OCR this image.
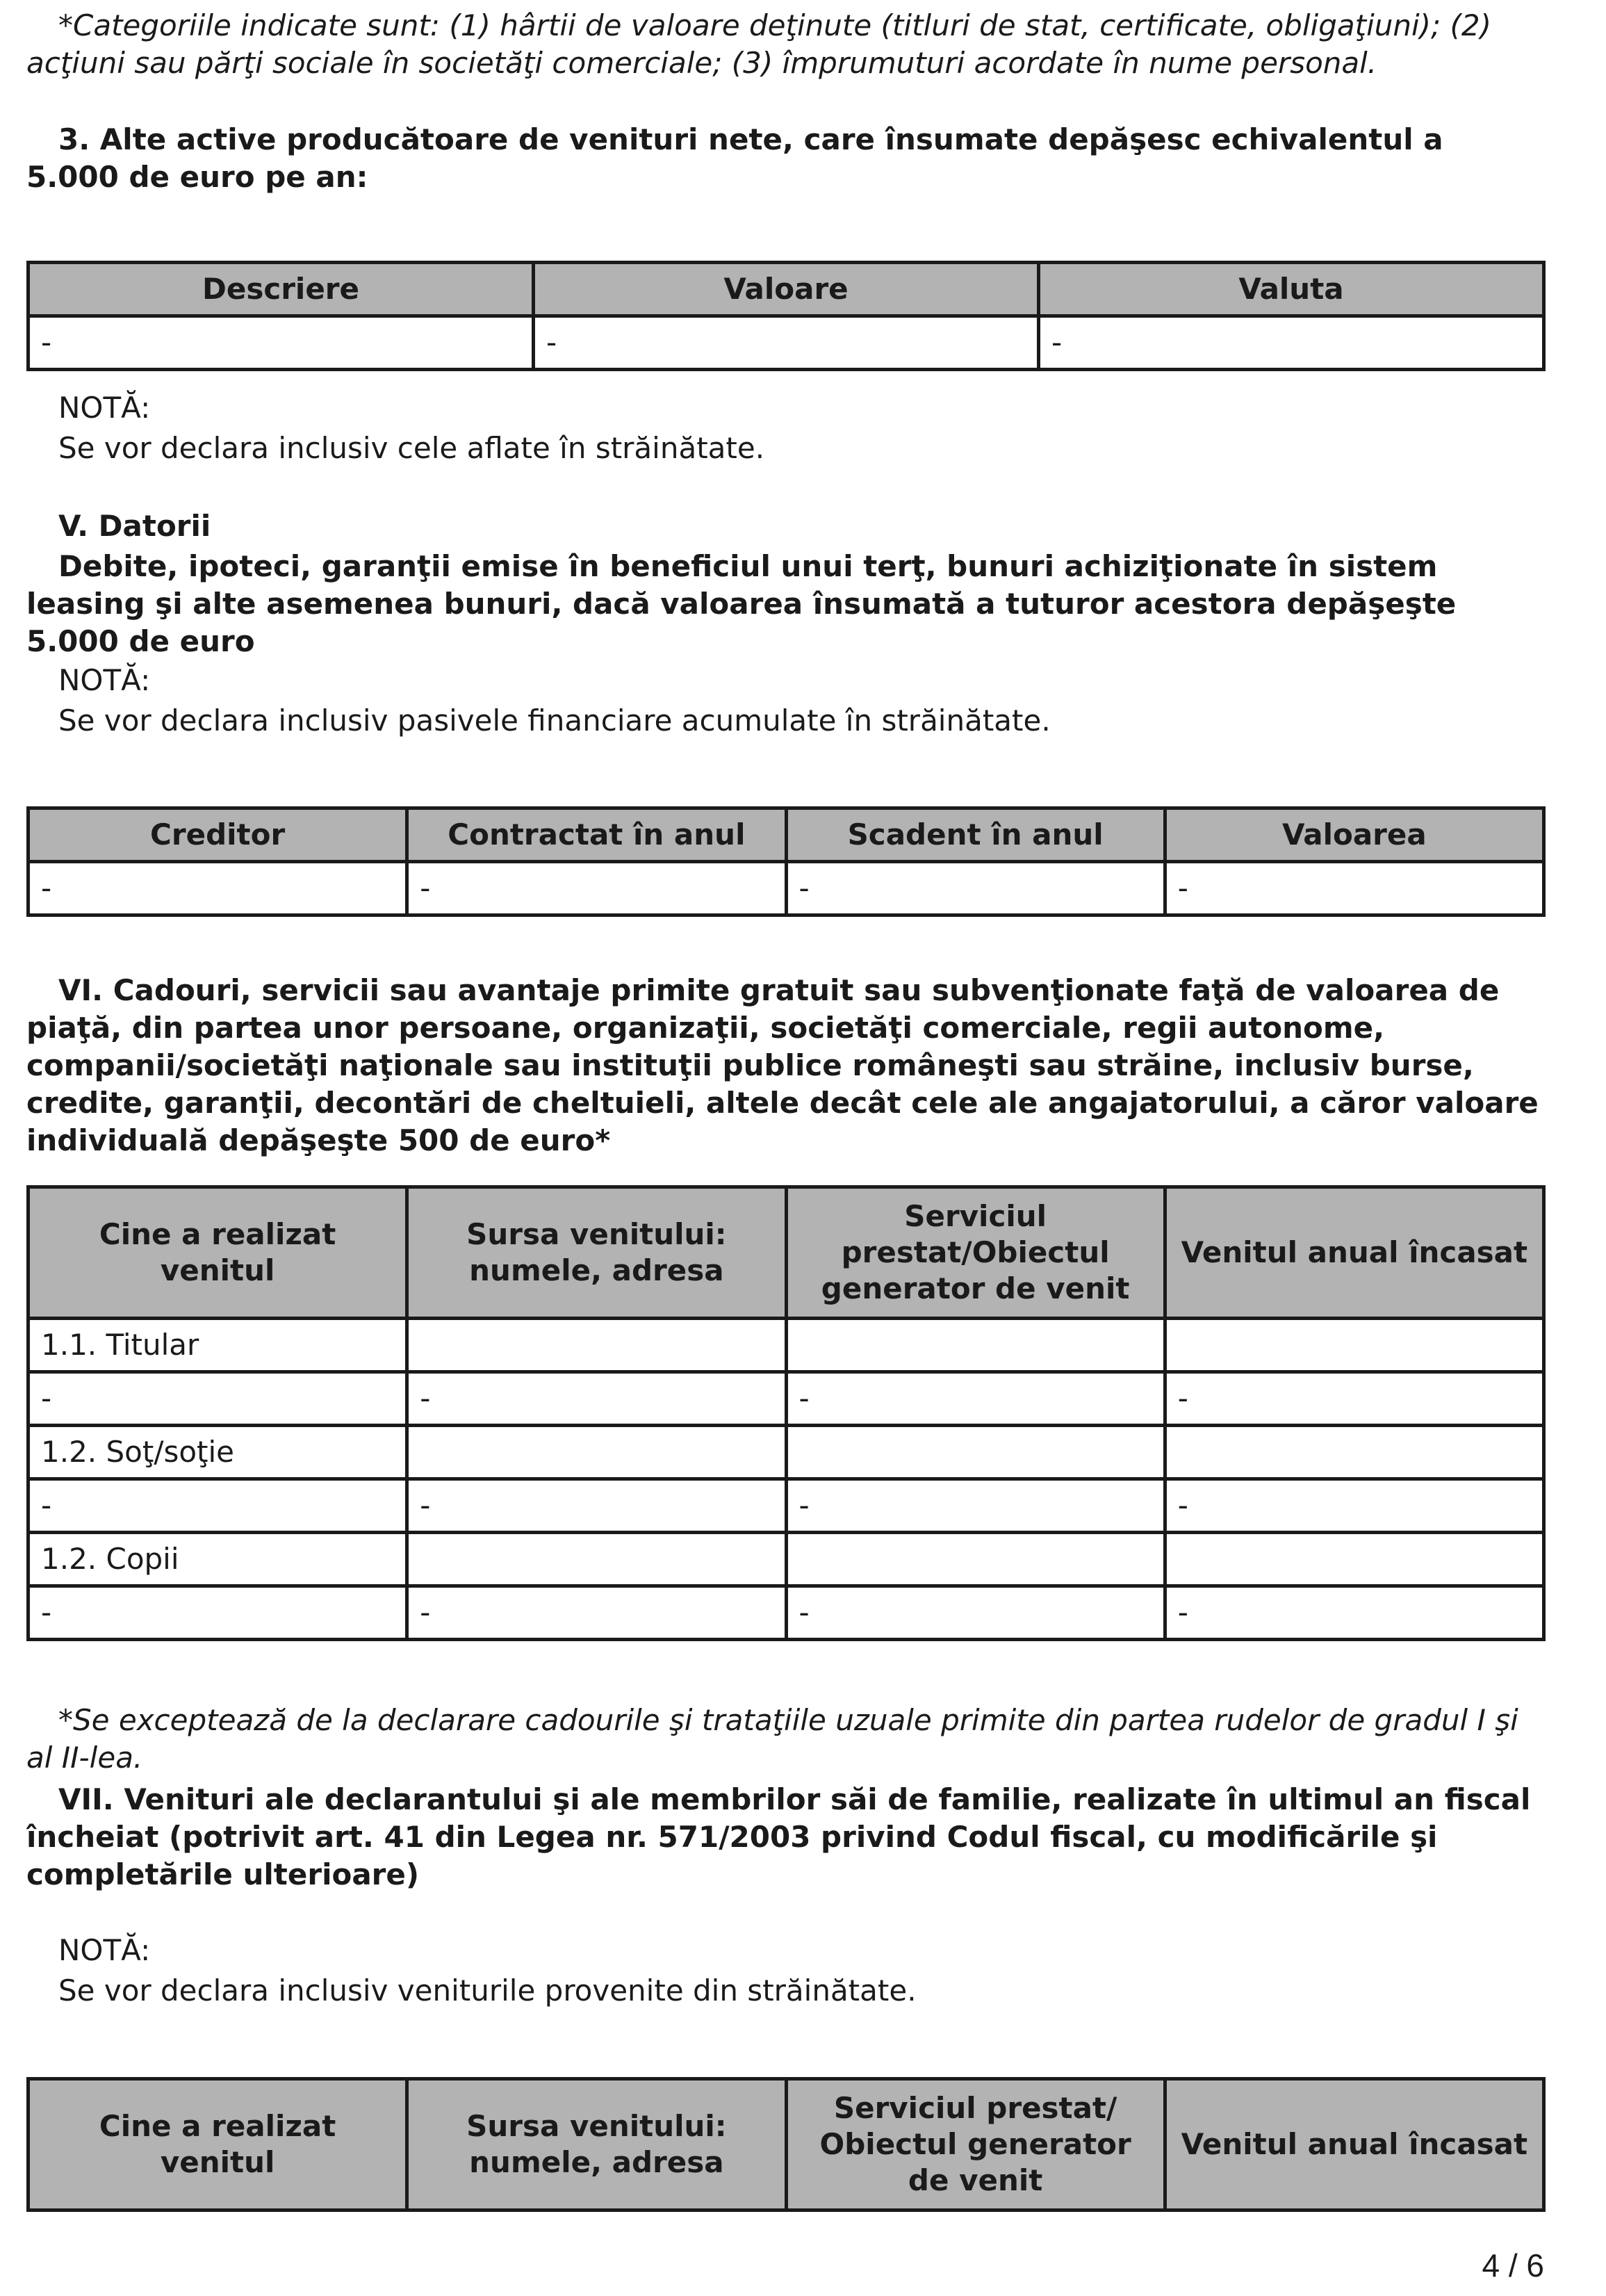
*Categoriile indicate sunt: (1) hârtii de valoare deţinute (titluri de stat, certificate, obligaţiuni); (2) acţiuni sau părţi sociale în societăţi comerciale; (3) împrumuturi acordate în nume personal.

3. Alte active producătoare de venituri nete, care însumate depăşesc echivalentul a 5.000 de euro pe an:

Descriere	Valoare	Valuta
-	-	-

NOTĂ:

Se vor declara inclusiv cele aflate în străinătate.

V. Datorii

Debite, ipoteci, garanţii emise în beneficiul unui terţ, bunuri achiziţionate în sistem leasing şi alte asemenea bunuri, dacă valoarea însumată a tuturor acestora depăşeşte 5.000 de euro

NOTĂ:

Se vor declara inclusiv pasivele financiare acumulate în străinătate.

Creditor	Contractat în anul	Scadent în anul	Valoarea
-	-	-	-

VI. Cadouri, servicii sau avantaje primite gratuit sau subvenţionate faţă de valoarea de piaţă, din partea unor persoane, organizaţii, societăţi comerciale, regii autonome, companii/societăţi naţionale sau instituţii publice româneşti sau străine, inclusiv burse, credite, garanţii, decontări de cheltuieli, altele decât cele ale angajatorului, a căror valoare individuală depăşeşte 500 de euro*

Cine a realizat venitul	Sursa venitului: numele, adresa	Serviciul prestat/Obiectul generator de venit	Venitul anual încasat
1.1. Titular			
-	-	-	-
1.2. Soţ/soţie			
-	-	-	-
1.2. Copii			
-	-	-	-

*Se exceptează de la declarare cadourile şi trataţiile uzuale primite din partea rudelor de gradul I şi al II-lea.

VII. Venituri ale declarantului şi ale membrilor săi de familie, realizate în ultimul an fiscal încheiat (potrivit art. 41 din Legea nr. 571/2003 privind Codul fiscal, cu modificările şi completările ulterioare)

NOTĂ:

Se vor declara inclusiv veniturile provenite din străinătate.

Cine a realizat venitul	Sursa venitului: numele, adresa	Serviciul prestat/ Obiectul generator de venit	Venitul anual încasat
4 / 6
